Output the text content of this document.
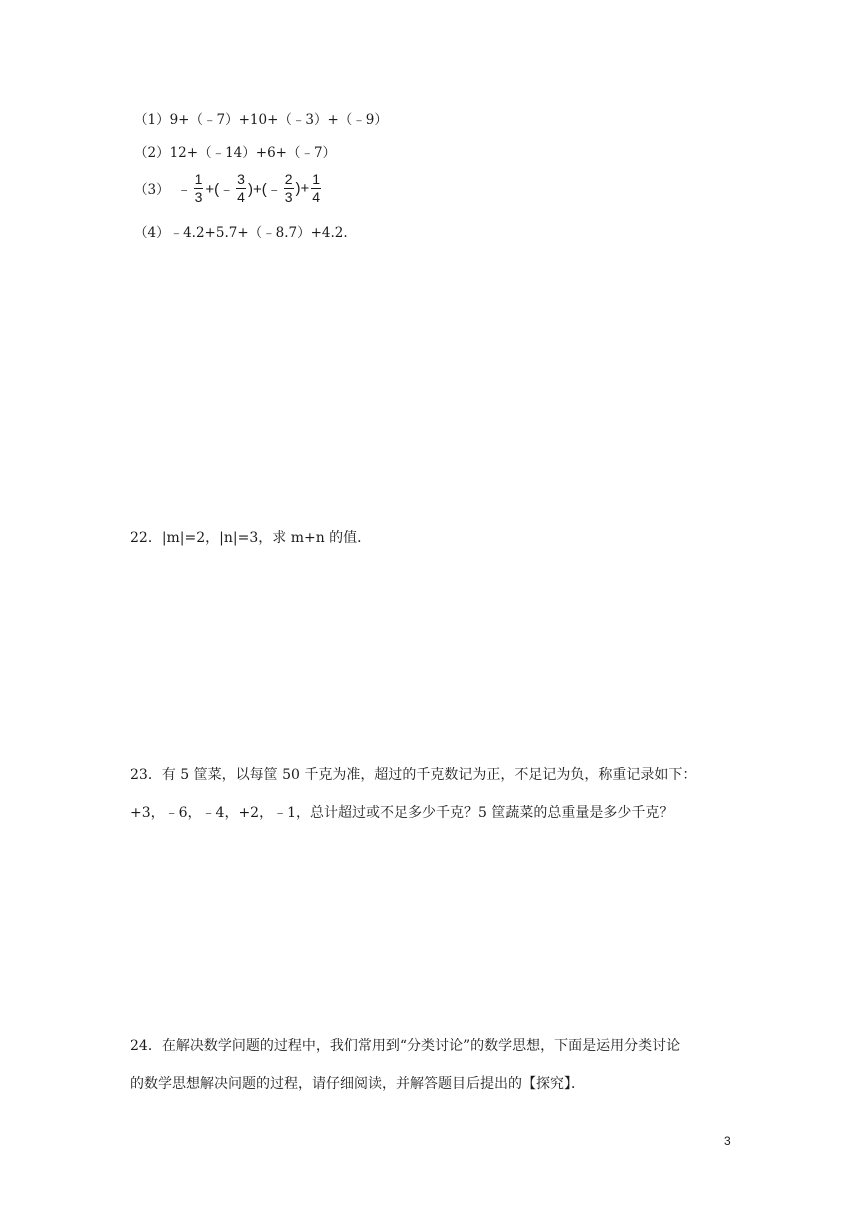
（1）9+（﹣7）+10+（﹣3）+（﹣9）
（2）12+（﹣14）+6+（﹣7）
（3） ﹣ $\frac{1}{3}$ +(﹣ $\frac{3}{4}$ )+(﹣ $\frac{2}{3}$ )+ $\frac{1}{4}$
（4）﹣4.2+5.7+（﹣8.7）+4.2.
22．|m|=2，|n|=3，求 m+n 的值．
23．有 5 筐菜，以每筐 50 千克为准，超过的千克数记为正，不足记为负，称重记录如下：
+3，﹣6，﹣4，+2，﹣1，总计超过或不足多少千克？5 筐蔬菜的总重量是多少千克？
24．在解决数学问题的过程中，我们常用到“分类讨论”的数学思想，下面是运用分类讨论
的数学思想解决问题的过程，请仔细阅读，并解答题目后提出的【探究】．
3
